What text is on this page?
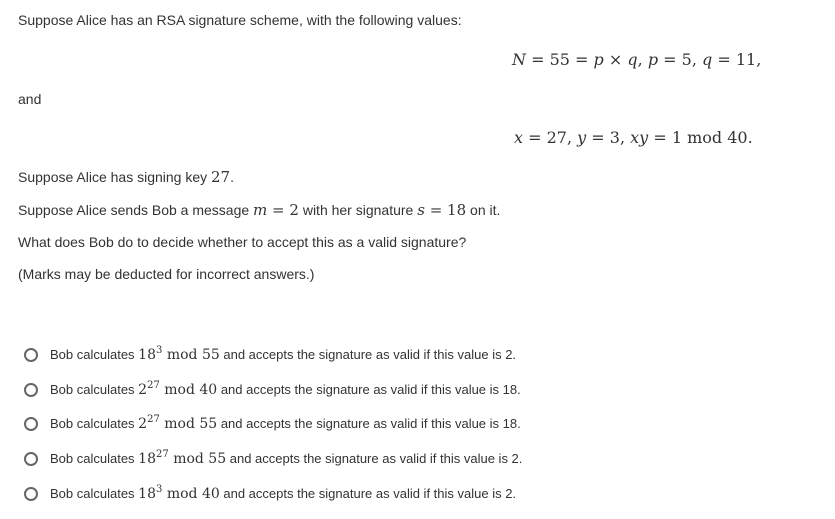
Suppose Alice has an RSA signature scheme, with the following values:
N = 55 = p × q, p = 5, q = 11,
and
x = 27, y = 3, xy = 1 mod 40.
Suppose Alice has signing key 27.
Suppose Alice sends Bob a message m = 2 with her signature s = 18 on it.
What does Bob do to decide whether to accept this as a valid signature?
(Marks may be deducted for incorrect answers.)
Bob calculates $18^3$ mod 55 and accepts the signature as valid if this value is 2.
Bob calculates $2^{27}$ mod 40 and accepts the signature as valid if this value is 18.
Bob calculates $2^{27}$ mod 55 and accepts the signature as valid if this value is 18.
Bob calculates $18^{27}$ mod 55 and accepts the signature as valid if this value is 2.
Bob calculates $18^3$ mod 40 and accepts the signature as valid if this value is 2.
